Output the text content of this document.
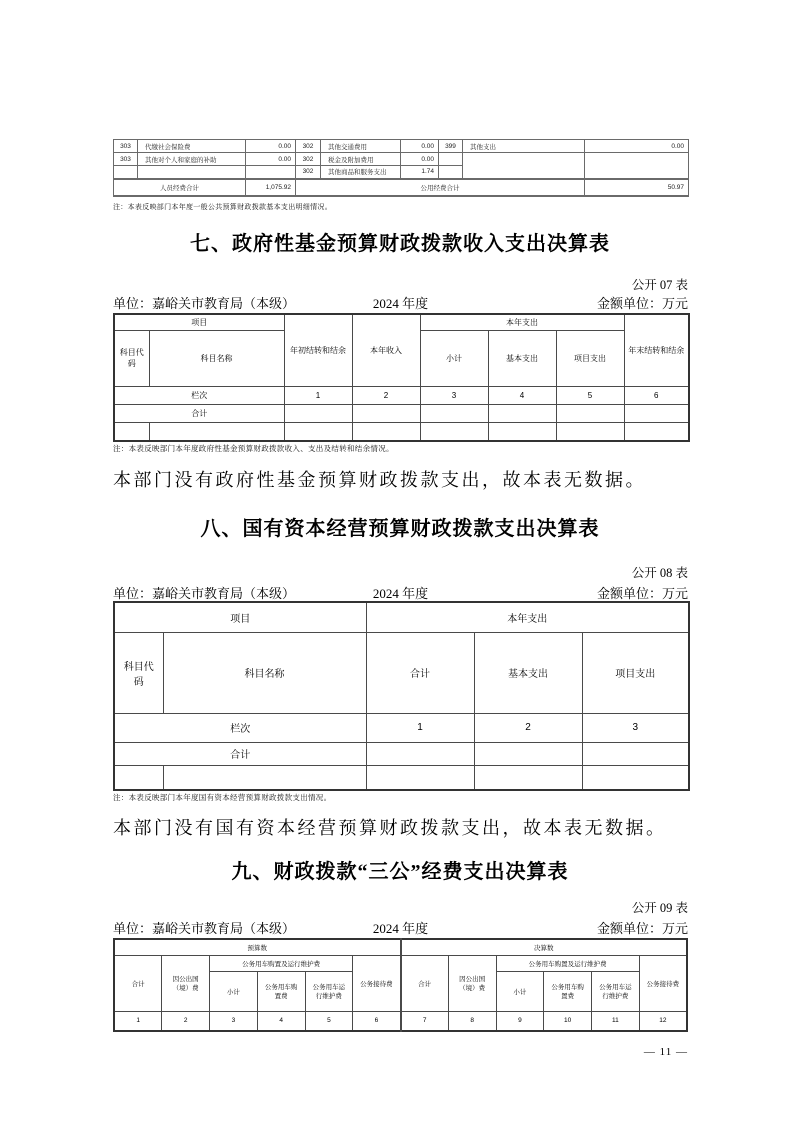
303	代缴社会保险费	0.00	302	其他交通费用	0.00	399	其他支出	0.00
303	其他对个人和家庭的补助	0.00	302	税金及附加费用	0.00			
			302	其他商品和服务支出	1.74			
人员经费合计		1,075.92	公用经费合计					50.97
注：本表反映部门本年度一般公共预算财政拨款基本支出明细情况。
七、政府性基金预算财政拨款收入支出决算表
公开 07 表
单位：嘉峪关市教育局（本级）	2024 年度	金额单位：万元
项目		年初结转和结余	本年收入	本年支出			年末结转和结余
科目代码	科目名称			小计	基本支出	项目支出	
栏次		1	2	3	4	5	6
合计							

注：本表反映部门本年度政府性基金预算财政拨款收入、支出及结转和结余情况。
本部门没有政府性基金预算财政拨款支出，故本表无数据。
八、国有资本经营预算财政拨款支出决算表
公开 08 表
单位：嘉峪关市教育局（本级）	2024 年度	金额单位：万元
项目		本年支出		
科目代码	科目名称	合计	基本支出	项目支出
栏次		1	2	3
合计				

注：本表反映部门本年度国有资本经营预算财政拨款支出情况。
本部门没有国有资本经营预算财政拨款支出，故本表无数据。
九、财政拨款“三公”经费支出决算表
公开 09 表
单位：嘉峪关市教育局（本级）	2024 年度	金额单位：万元
预算数						决算数					
合计	因公出国（境）费	公务用车购置及运行维护费			公务接待费	合计	因公出国（境）费	公务用车购置及运行维护费			公务接待费
		小计	公务用车购置费	公务用车运行维护费				小计	公务用车购置费	公务用车运行维护费	
1	2	3	4	5	6	7	8	9	10	11	12
— 11 —
